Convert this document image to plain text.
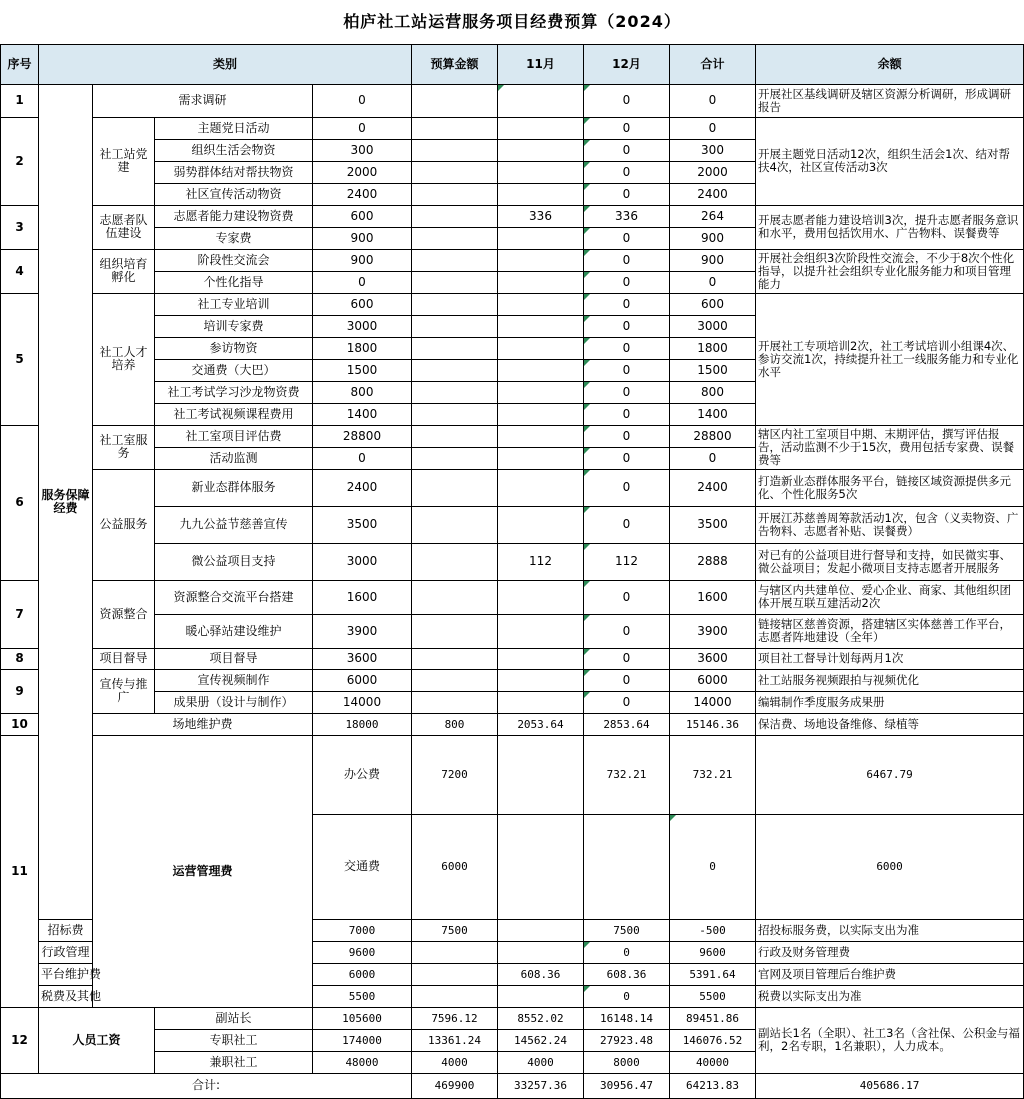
柏庐社工站运营服务项目经费预算（2024）										
序号	类别				预算金额	11月	12月	合计	余额	
1	服务保障经费	需求调研		0			0	0	开展社区基线调研及辖区资源分析调研，形成调研报告	
2		社工站党建	主题党日活动	0			0	0	开展主题党日活动12次，组织生活会1次、结对帮扶4次，社区宣传活动3次	
			组织生活会物资	300			0	300		
			弱势群体结对帮扶物资	2000			0	2000		
			社区宣传活动物资	2400			0	2400		
3		志愿者队伍建设	志愿者能力建设物资费	600		336	336	264	开展志愿者能力建设培训3次，提升志愿者服务意识和水平，费用包括饮用水、广告物料、误餐费等	
			专家费	900			0	900		
4		组织培育孵化	阶段性交流会	900			0	900	开展社会组织3次阶段性交流会，不少于8次个性化指导，以提升社会组织专业化服务能力和项目管理能力	
			个性化指导	0			0	0		
5		社工人才培养	社工专业培训	600			0	600	开展社工专项培训2次，社工考试培训小组课4次、参访交流1次，持续提升社工一线服务能力和专业化水平	
			培训专家费	3000			0	3000		
			参访物资	1800			0	1800		
			交通费（大巴）	1500			0	1500		
			社工考试学习沙龙物资费	800			0	800		
			社工考试视频课程费用	1400			0	1400		
6		社工室服务	社工室项目评估费	28800			0	28800	辖区内社工室项目中期、末期评估，撰写评估报告，活动监测不少于15次，费用包括专家费、误餐费等	
			活动监测	0			0	0		
		公益服务	新业态群体服务	2400			0	2400	打造新业态群体服务平台，链接区域资源提供多元化、个性化服务5次	
			九九公益节慈善宣传	3500			0	3500	开展江苏慈善周筹款活动1次，包含（义卖物资、广告物料、志愿者补贴、误餐费）	
			微公益项目支持	3000		112	112	2888	对已有的公益项目进行督导和支持，如民微实事、微公益项目；发起小微项目支持志愿者开展服务	
7		资源整合	资源整合交流平台搭建	1600			0	1600	与辖区内共建单位、爱心企业、商家、其他组织团体开展互联互建活动2次	
			暖心驿站建设维护	3900			0	3900	链接辖区慈善资源，搭建辖区实体慈善工作平台，志愿者阵地建设（全年）	
8		项目督导	项目督导	3600			0	3600	项目社工督导计划每两月1次	
9		宣传与推广	宣传视频制作	6000			0	6000	社工站服务视频跟拍与视频优化	
			成果册（设计与制作）	14000			0	14000	编辑制作季度服务成果册	
10		场地维护费		18000	800	2053.64	2853.64	15146.36	保洁费、场地设备维修、绿植等	
11		运营管理费		办公费	7200		732.21	732.21	6467.79	
				交通费	6000			0	6000	
	招标费			7000	7500		7500	-500	招投标服务费，以实际支出为准	
	行政管理			9600			0	9600	行政及财务管理费	
	平台维护费			6000		608.36	608.36	5391.64	官网及项目管理后台维护费	
	税费及其他			5500			0	5500	税费以实际支出为准	
12	人员工资		副站长	105600	7596.12	8552.02	16148.14	89451.86	副站长1名（全职）、社工3名（含社保、公积金与福利，2名专职，1名兼职），人力成本。	
			专职社工	174000	13361.24	14562.24	27923.48	146076.52		
			兼职社工	48000	4000	4000	8000	40000		
合计:					469900	33257.36	30956.47	64213.83	405686.17	
